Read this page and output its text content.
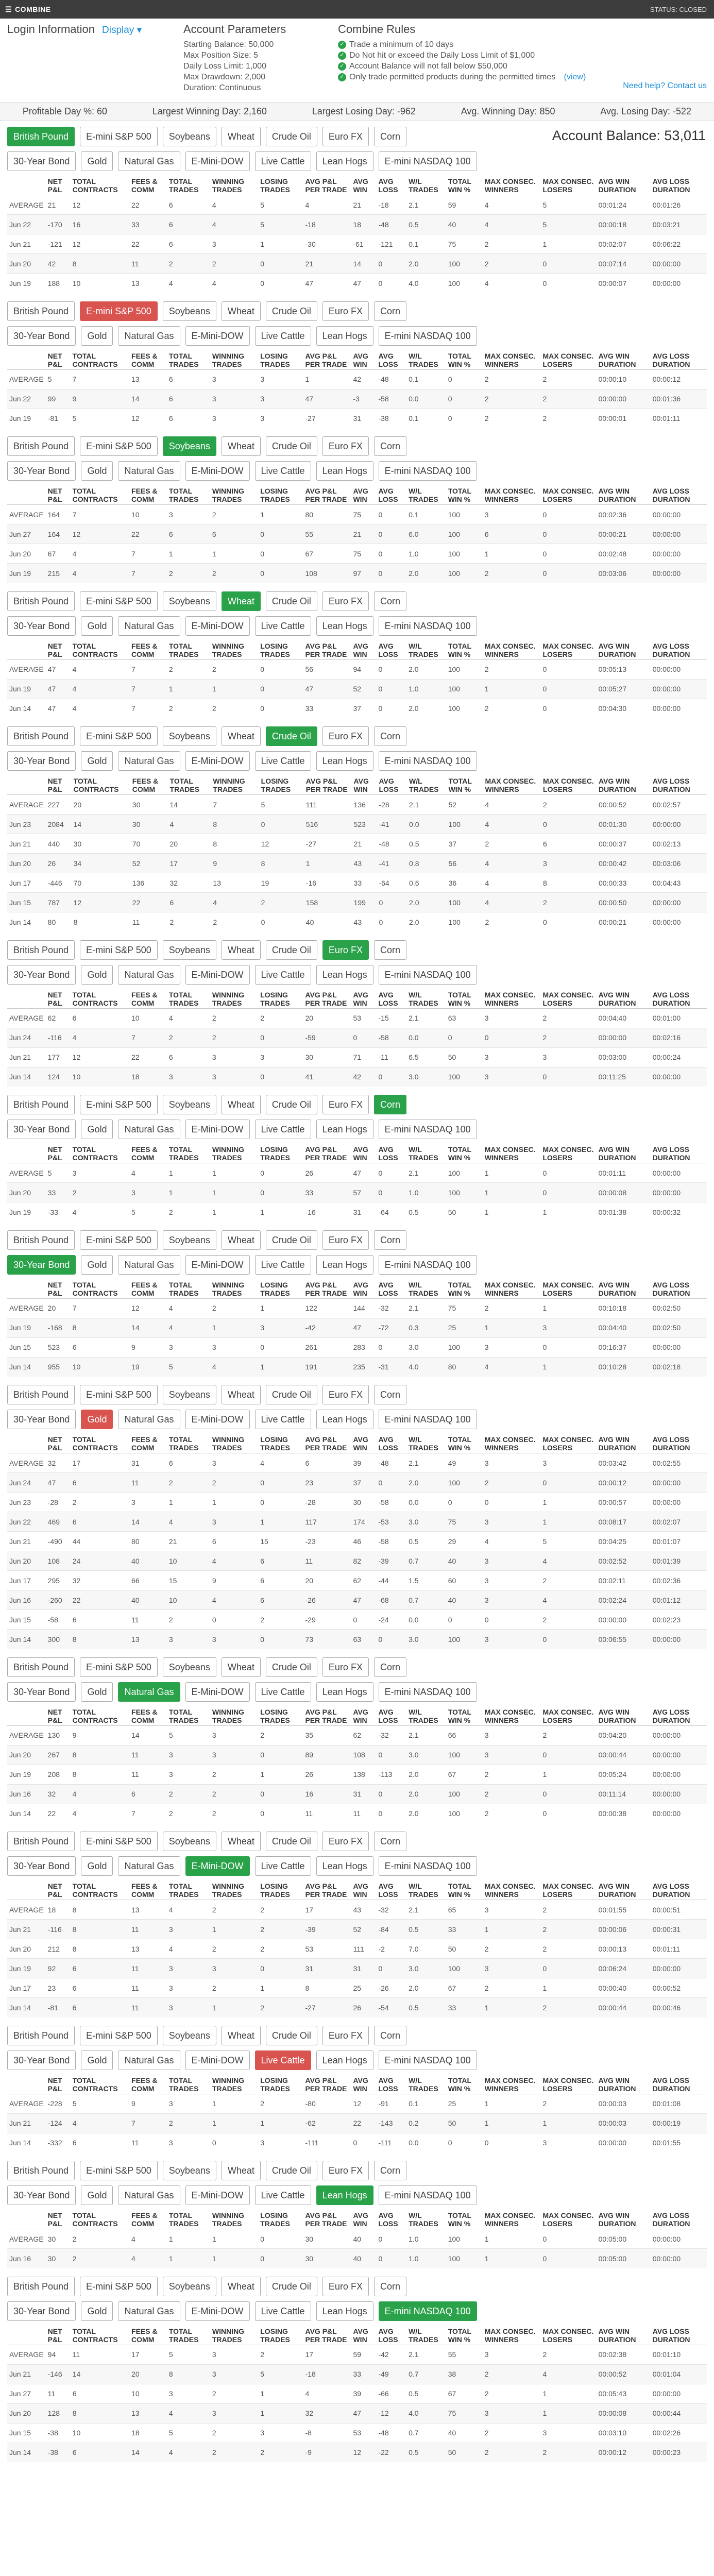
☰ COMBINE	STATUS: CLOSED
Login Information Display ▾	Account Parameters
Starting Balance: 50,000
Max Position Size: 5
Daily Loss Limit: 1,000
Max Drawdown: 2,000
Duration: Continuous
Combine Rules
✓ Trade a minimum of 10 days
✓ Do Not hit or exceed the Daily Loss Limit of $1,000
✓ Account Balance will not fall below $50,000
✓ Only trade permitted products during the permitted times
(view)
Need help? Contact us
Profitable Day %: 60	Largest Winning Day: 2,160	Largest Losing Day: -962	Avg. Winning Day: 850	Avg. Losing Day: -522
British Pound	E-mini S&P 500	Soybeans	Wheat	Crude Oil	Euro FX	Corn
30-Year Bond	Gold	Natural Gas	E-Mini-DOW	Live Cattle	Lean Hogs	E-mini NASDAQ 100
Account Balance: 53,011
	NET P&L	TOTAL CONTRACTS	FEES & COMM	TOTAL TRADES	WINNING TRADES	LOSING TRADES	AVG P&L PER TRADE	AVG WIN	AVG LOSS	W/L TRADES	TOTAL WIN %	MAX CONSEC. WINNERS	MAX CONSEC. LOSERS	AVG WIN DURATION	AVG LOSS DURATION
AVERAGE	21	12	22	6	4	5	4	21	-18	2.1	59	4	5	00:01:24	00:01:26
Jun 22	-170	16	33	6	4	5	-18	18	-48	0.5	40	4	5	00:00:18	00:03:21
Jun 21	-121	12	22	6	3	1	-30	-61	-121	0.1	75	2	1	00:02:07	00:06:22
Jun 20	42	8	11	2	2	0	21	14	0	2.0	100	2	0	00:07:14	00:00:00
Jun 19	188	10	13	4	4	0	47	47	0	4.0	100	4	0	00:00:07	00:00:00
British Pound	E-mini S&P 500	Soybeans	Wheat	Crude Oil	Euro FX	Corn
30-Year Bond	Gold	Natural Gas	E-Mini-DOW	Live Cattle	Lean Hogs	E-mini NASDAQ 100
	NET P&L	TOTAL CONTRACTS	FEES & COMM	TOTAL TRADES	WINNING TRADES	LOSING TRADES	AVG P&L PER TRADE	AVG WIN	AVG LOSS	W/L TRADES	TOTAL WIN %	MAX CONSEC. WINNERS	MAX CONSEC. LOSERS	AVG WIN DURATION	AVG LOSS DURATION
AVERAGE	5	7	13	6	3	3	1	42	-48	0.1	0	2	2	00:00:10	00:00:12
Jun 22	99	9	14	6	3	3	47	-3	-58	0.0	0	2	2	00:00:00	00:01:36
Jun 19	-81	5	12	6	3	3	-27	31	-38	0.1	0	2	2	00:00:01	00:01:11
British Pound	E-mini S&P 500	Soybeans	Wheat	Crude Oil	Euro FX	Corn
30-Year Bond	Gold	Natural Gas	E-Mini-DOW	Live Cattle	Lean Hogs	E-mini NASDAQ 100
	NET P&L	TOTAL CONTRACTS	FEES & COMM	TOTAL TRADES	WINNING TRADES	LOSING TRADES	AVG P&L PER TRADE	AVG WIN	AVG LOSS	W/L TRADES	TOTAL WIN %	MAX CONSEC. WINNERS	MAX CONSEC. LOSERS	AVG WIN DURATION	AVG LOSS DURATION
AVERAGE	164	7	10	3	2	1	80	75	0	0.1	100	3	0	00:02:36	00:00:00
Jun 27	164	12	22	6	6	0	55	21	0	6.0	100	6	0	00:00:21	00:00:00
Jun 20	67	4	7	1	1	0	67	75	0	1.0	100	1	0	00:02:48	00:00:00
Jun 19	215	4	7	2	2	0	108	97	0	2.0	100	2	0	00:03:06	00:00:00
British Pound	E-mini S&P 500	Soybeans	Wheat	Crude Oil	Euro FX	Corn
30-Year Bond	Gold	Natural Gas	E-Mini-DOW	Live Cattle	Lean Hogs	E-mini NASDAQ 100
	NET P&L	TOTAL CONTRACTS	FEES & COMM	TOTAL TRADES	WINNING TRADES	LOSING TRADES	AVG P&L PER TRADE	AVG WIN	AVG LOSS	W/L TRADES	TOTAL WIN %	MAX CONSEC. WINNERS	MAX CONSEC. LOSERS	AVG WIN DURATION	AVG LOSS DURATION
AVERAGE	47	4	7	2	2	0	56	94	0	2.0	100	2	0	00:05:13	00:00:00
Jun 19	47	4	7	1	1	0	47	52	0	1.0	100	1	0	00:05:27	00:00:00
Jun 14	47	4	7	2	2	0	33	37	0	2.0	100	2	0	00:04:30	00:00:00
British Pound	E-mini S&P 500	Soybeans	Wheat	Crude Oil	Euro FX	Corn
30-Year Bond	Gold	Natural Gas	E-Mini-DOW	Live Cattle	Lean Hogs	E-mini NASDAQ 100
	NET P&L	TOTAL CONTRACTS	FEES & COMM	TOTAL TRADES	WINNING TRADES	LOSING TRADES	AVG P&L PER TRADE	AVG WIN	AVG LOSS	W/L TRADES	TOTAL WIN %	MAX CONSEC. WINNERS	MAX CONSEC. LOSERS	AVG WIN DURATION	AVG LOSS DURATION
AVERAGE	227	20	30	14	7	5	111	136	-28	2.1	52	4	2	00:00:52	00:02:57
Jun 23	2084	14	30	4	8	0	516	523	-41	0.0	100	4	0	00:01:30	00:00:00
Jun 21	440	30	70	20	8	12	-27	21	-48	0.5	37	2	6	00:00:37	00:02:13
Jun 20	26	34	52	17	9	8	1	43	-41	0.8	56	4	3	00:00:42	00:03:06
Jun 17	-446	70	136	32	13	19	-16	33	-64	0.6	36	4	8	00:00:33	00:04:43
Jun 15	787	12	22	6	4	2	158	199	0	2.0	100	4	2	00:00:50	00:00:00
Jun 14	80	8	11	2	2	0	40	43	0	2.0	100	2	0	00:00:21	00:00:00
British Pound	E-mini S&P 500	Soybeans	Wheat	Crude Oil	Euro FX	Corn
30-Year Bond	Gold	Natural Gas	E-Mini-DOW	Live Cattle	Lean Hogs	E-mini NASDAQ 100
	NET P&L	TOTAL CONTRACTS	FEES & COMM	TOTAL TRADES	WINNING TRADES	LOSING TRADES	AVG P&L PER TRADE	AVG WIN	AVG LOSS	W/L TRADES	TOTAL WIN %	MAX CONSEC. WINNERS	MAX CONSEC. LOSERS	AVG WIN DURATION	AVG LOSS DURATION
AVERAGE	62	6	10	4	2	2	20	53	-15	2.1	63	3	2	00:04:40	00:01:00
Jun 24	-116	4	7	2	2	0	-59	0	-58	0.0	0	0	2	00:00:00	00:02:16
Jun 21	177	12	22	6	3	3	30	71	-11	6.5	50	3	3	00:03:00	00:00:24
Jun 14	124	10	18	3	3	0	41	42	0	3.0	100	3	0	00:11:25	00:00:00
British Pound	E-mini S&P 500	Soybeans	Wheat	Crude Oil	Euro FX	Corn
30-Year Bond	Gold	Natural Gas	E-Mini-DOW	Live Cattle	Lean Hogs	E-mini NASDAQ 100
	NET P&L	TOTAL CONTRACTS	FEES & COMM	TOTAL TRADES	WINNING TRADES	LOSING TRADES	AVG P&L PER TRADE	AVG WIN	AVG LOSS	W/L TRADES	TOTAL WIN %	MAX CONSEC. WINNERS	MAX CONSEC. LOSERS	AVG WIN DURATION	AVG LOSS DURATION
AVERAGE	5	3	4	1	1	0	26	47	0	2.1	100	1	0	00:01:11	00:00:00
Jun 20	33	2	3	1	1	0	33	57	0	1.0	100	1	0	00:00:08	00:00:00
Jun 19	-33	4	5	2	1	1	-16	31	-64	0.5	50	1	1	00:01:38	00:00:32
British Pound	E-mini S&P 500	Soybeans	Wheat	Crude Oil	Euro FX	Corn
30-Year Bond	Gold	Natural Gas	E-Mini-DOW	Live Cattle	Lean Hogs	E-mini NASDAQ 100
	NET P&L	TOTAL CONTRACTS	FEES & COMM	TOTAL TRADES	WINNING TRADES	LOSING TRADES	AVG P&L PER TRADE	AVG WIN	AVG LOSS	W/L TRADES	TOTAL WIN %	MAX CONSEC. WINNERS	MAX CONSEC. LOSERS	AVG WIN DURATION	AVG LOSS DURATION
AVERAGE	20	7	12	4	2	1	122	144	-32	2.1	75	2	1	00:10:18	00:02:50
Jun 19	-168	8	14	4	1	3	-42	47	-72	0.3	25	1	3	00:04:40	00:02:50
Jun 15	523	6	9	3	3	0	261	283	0	3.0	100	3	0	00:16:37	00:00:00
Jun 14	955	10	19	5	4	1	191	235	-31	4.0	80	4	1	00:10:28	00:02:18
British Pound	E-mini S&P 500	Soybeans	Wheat	Crude Oil	Euro FX	Corn
30-Year Bond	Gold	Natural Gas	E-Mini-DOW	Live Cattle	Lean Hogs	E-mini NASDAQ 100
	NET P&L	TOTAL CONTRACTS	FEES & COMM	TOTAL TRADES	WINNING TRADES	LOSING TRADES	AVG P&L PER TRADE	AVG WIN	AVG LOSS	W/L TRADES	TOTAL WIN %	MAX CONSEC. WINNERS	MAX CONSEC. LOSERS	AVG WIN DURATION	AVG LOSS DURATION
AVERAGE	32	17	31	6	3	4	6	39	-48	2.1	49	3	3	00:03:42	00:02:55
Jun 24	47	6	11	2	2	0	23	37	0	2.0	100	2	0	00:00:12	00:00:00
Jun 23	-28	2	3	1	1	0	-28	30	-58	0.0	0	0	1	00:00:57	00:00:00
Jun 22	469	6	14	4	3	1	117	174	-53	3.0	75	3	1	00:08:17	00:02:07
Jun 21	-490	44	80	21	6	15	-23	46	-58	0.5	29	4	5	00:04:25	00:01:07
Jun 20	108	24	40	10	4	6	11	82	-39	0.7	40	3	4	00:02:52	00:01:39
Jun 17	295	32	66	15	9	6	20	62	-44	1.5	60	3	2	00:02:11	00:02:36
Jun 16	-260	22	40	10	4	6	-26	47	-68	0.7	40	3	4	00:02:24	00:01:12
Jun 15	-58	6	11	2	0	2	-29	0	-24	0.0	0	0	2	00:00:00	00:02:23
Jun 14	300	8	13	3	3	0	73	63	0	3.0	100	3	0	00:06:55	00:00:00
British Pound	E-mini S&P 500	Soybeans	Wheat	Crude Oil	Euro FX	Corn
30-Year Bond	Gold	Natural Gas	E-Mini-DOW	Live Cattle	Lean Hogs	E-mini NASDAQ 100
	NET P&L	TOTAL CONTRACTS	FEES & COMM	TOTAL TRADES	WINNING TRADES	LOSING TRADES	AVG P&L PER TRADE	AVG WIN	AVG LOSS	W/L TRADES	TOTAL WIN %	MAX CONSEC. WINNERS	MAX CONSEC. LOSERS	AVG WIN DURATION	AVG LOSS DURATION
AVERAGE	130	9	14	5	3	2	35	62	-32	2.1	66	3	2	00:04:20	00:00:00
Jun 20	267	8	11	3	3	0	89	108	0	3.0	100	3	0	00:00:44	00:00:00
Jun 19	208	8	11	3	2	1	26	138	-113	2.0	67	2	1	00:05:24	00:00:00
Jun 16	32	4	6	2	2	0	16	31	0	2.0	100	2	0	00:11:14	00:00:00
Jun 14	22	4	7	2	2	0	11	11	0	2.0	100	2	0	00:00:38	00:00:00
British Pound	E-mini S&P 500	Soybeans	Wheat	Crude Oil	Euro FX	Corn
30-Year Bond	Gold	Natural Gas	E-Mini-DOW	Live Cattle	Lean Hogs	E-mini NASDAQ 100
	NET P&L	TOTAL CONTRACTS	FEES & COMM	TOTAL TRADES	WINNING TRADES	LOSING TRADES	AVG P&L PER TRADE	AVG WIN	AVG LOSS	W/L TRADES	TOTAL WIN %	MAX CONSEC. WINNERS	MAX CONSEC. LOSERS	AVG WIN DURATION	AVG LOSS DURATION
AVERAGE	18	8	13	4	2	2	17	43	-32	2.1	65	3	2	00:01:55	00:00:51
Jun 21	-116	8	11	3	1	2	-39	52	-84	0.5	33	1	2	00:00:06	00:00:31
Jun 20	212	8	13	4	2	2	53	111	-2	7.0	50	2	2	00:00:13	00:01:11
Jun 19	92	6	11	3	3	0	31	31	0	3.0	100	3	0	00:06:24	00:00:00
Jun 17	23	6	11	3	2	1	8	25	-26	2.0	67	2	1	00:00:40	00:00:52
Jun 14	-81	6	11	3	1	2	-27	26	-54	0.5	33	1	2	00:00:44	00:00:46
British Pound	E-mini S&P 500	Soybeans	Wheat	Crude Oil	Euro FX	Corn
30-Year Bond	Gold	Natural Gas	E-Mini-DOW	Live Cattle	Lean Hogs	E-mini NASDAQ 100
	NET P&L	TOTAL CONTRACTS	FEES & COMM	TOTAL TRADES	WINNING TRADES	LOSING TRADES	AVG P&L PER TRADE	AVG WIN	AVG LOSS	W/L TRADES	TOTAL WIN %	MAX CONSEC. WINNERS	MAX CONSEC. LOSERS	AVG WIN DURATION	AVG LOSS DURATION
AVERAGE	-228	5	9	3	1	2	-80	12	-91	0.1	25	1	2	00:00:03	00:01:08
Jun 21	-124	4	7	2	1	1	-62	22	-143	0.2	50	1	1	00:00:03	00:00:19
Jun 14	-332	6	11	3	0	3	-111	0	-111	0.0	0	0	3	00:00:00	00:01:55
British Pound	E-mini S&P 500	Soybeans	Wheat	Crude Oil	Euro FX	Corn
30-Year Bond	Gold	Natural Gas	E-Mini-DOW	Live Cattle	Lean Hogs	E-mini NASDAQ 100
	NET P&L	TOTAL CONTRACTS	FEES & COMM	TOTAL TRADES	WINNING TRADES	LOSING TRADES	AVG P&L PER TRADE	AVG WIN	AVG LOSS	W/L TRADES	TOTAL WIN %	MAX CONSEC. WINNERS	MAX CONSEC. LOSERS	AVG WIN DURATION	AVG LOSS DURATION
AVERAGE	30	2	4	1	1	0	30	40	0	1.0	100	1	0	00:05:00	00:00:00
Jun 16	30	2	4	1	1	0	30	40	0	1.0	100	1	0	00:05:00	00:00:00
British Pound	E-mini S&P 500	Soybeans	Wheat	Crude Oil	Euro FX	Corn
30-Year Bond	Gold	Natural Gas	E-Mini-DOW	Live Cattle	Lean Hogs	E-mini NASDAQ 100
	NET P&L	TOTAL CONTRACTS	FEES & COMM	TOTAL TRADES	WINNING TRADES	LOSING TRADES	AVG P&L PER TRADE	AVG WIN	AVG LOSS	W/L TRADES	TOTAL WIN %	MAX CONSEC. WINNERS	MAX CONSEC. LOSERS	AVG WIN DURATION	AVG LOSS DURATION
AVERAGE	94	11	17	5	3	2	17	59	-42	2.1	55	3	2	00:02:38	00:01:10
Jun 21	-146	14	20	8	3	5	-18	33	-49	0.7	38	2	4	00:00:52	00:01:04
Jun 27	11	6	10	3	2	1	4	39	-66	0.5	67	2	1	00:05:43	00:00:00
Jun 20	128	8	13	4	3	1	32	47	-12	4.0	75	3	1	00:00:08	00:00:44
Jun 15	-38	10	18	5	2	3	-8	53	-48	0.7	40	2	3	00:03:10	00:02:26
Jun 14	-38	6	14	4	2	2	-9	12	-22	0.5	50	2	2	00:00:12	00:00:23
